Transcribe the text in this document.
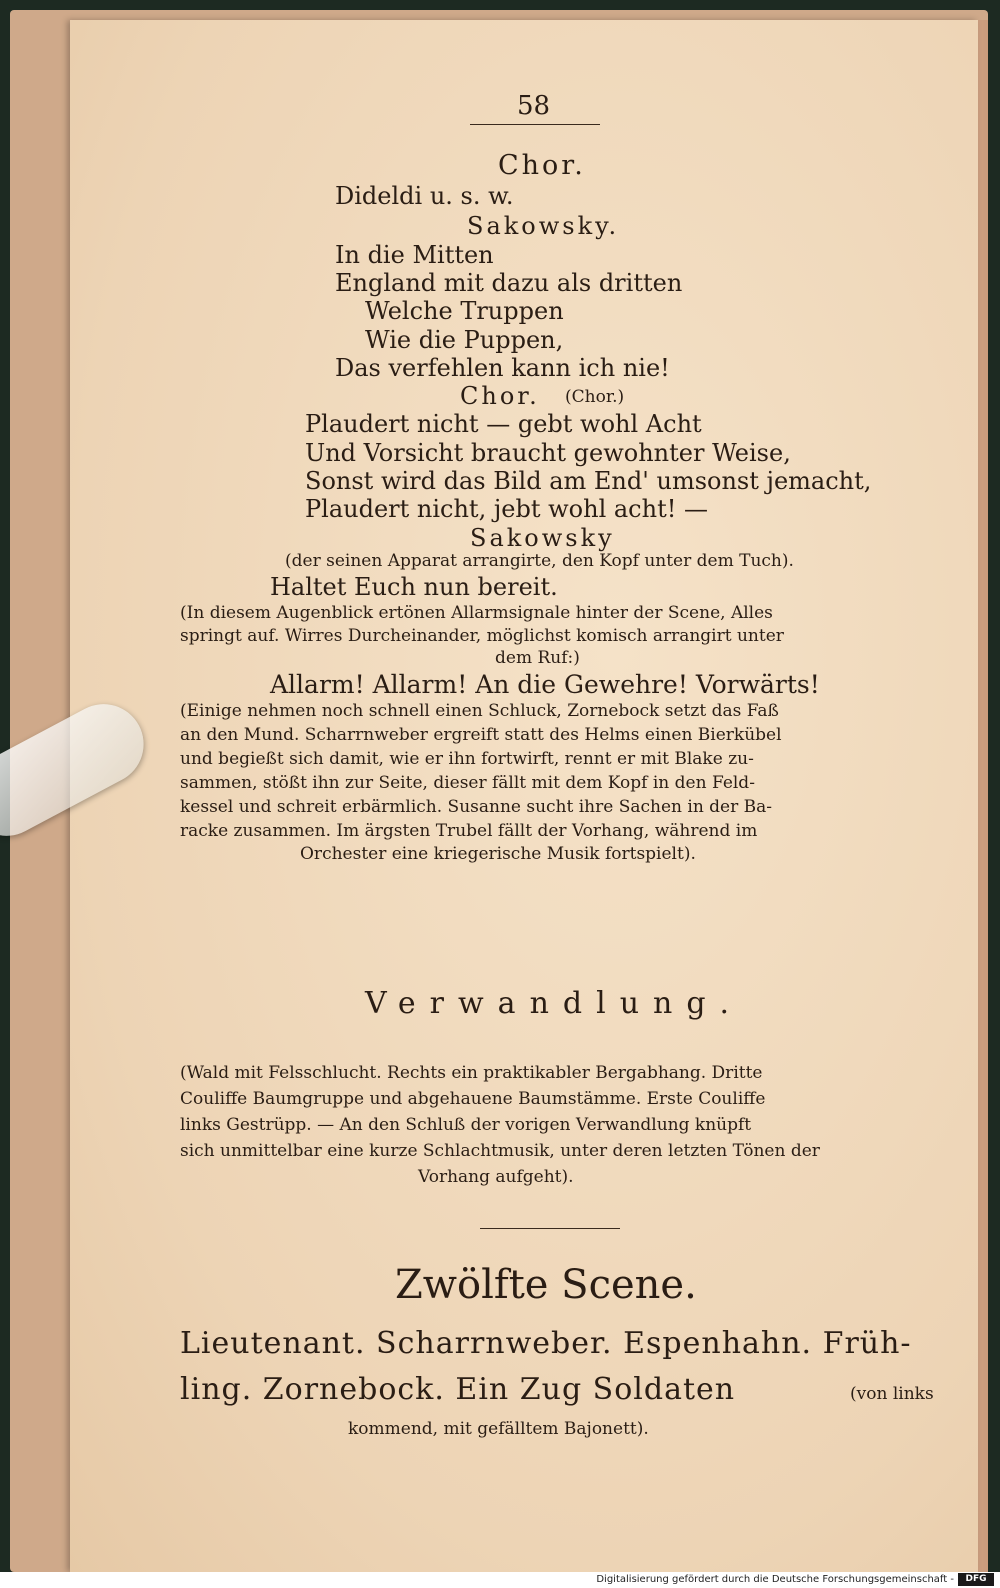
58
Chor.
Dideldi u. s. w.
Sakowsky.
In die Mitten
England mit dazu als dritten
Welche Truppen
Wie die Puppen,
Das verfehlen kann ich nie!
Chor. (Chor.)
Plaudert nicht — gebt wohl Acht
Und Vorsicht braucht gewohnter Weise,
Sonst wird das Bild am End' umsonst jemacht,
Plaudert nicht, jebt wohl acht! —
Sakowsky
(der seinen Apparat arrangirte, den Kopf unter dem Tuch).
Haltet Euch nun bereit.
(In diesem Augenblick ertönen Allarmsignale hinter der Scene, Alles
springt auf. Wirres Durcheinander, möglichst komisch arrangirt unter
dem Ruf:)
Allarm! Allarm! An die Gewehre! Vorwärts!
(Einige nehmen noch schnell einen Schluck, Zornebock setzt das Faß
an den Mund. Scharrnweber ergreift statt des Helms einen Bierkübel
und begießt sich damit, wie er ihn fortwirft, rennt er mit Blake zu-
sammen, stößt ihn zur Seite, dieser fällt mit dem Kopf in den Feld-
kessel und schreit erbärmlich. Susanne sucht ihre Sachen in der Ba-
racke zusammen. Im ärgsten Trubel fällt der Vorhang, während im
Orchester eine kriegerische Musik fortspielt).
Verwandlung.
(Wald mit Felsschlucht. Rechts ein praktikabler Bergabhang. Dritte
Couliffe Baumgruppe und abgehauene Baumstämme. Erste Couliffe
links Gestrüpp. — An den Schluß der vorigen Verwandlung knüpft
sich unmittelbar eine kurze Schlachtmusik, unter deren letzten Tönen der
Vorhang aufgeht).
Zwölfte Scene.
Lieutenant. Scharrnweber. Espenhahn. Früh-
ling. Zornebock. Ein Zug Soldaten	(von links
kommend, mit gefälltem Bajonett).
Digitalisierung gefördert durch die Deutsche Forschungsgemeinschaft -	DFG
